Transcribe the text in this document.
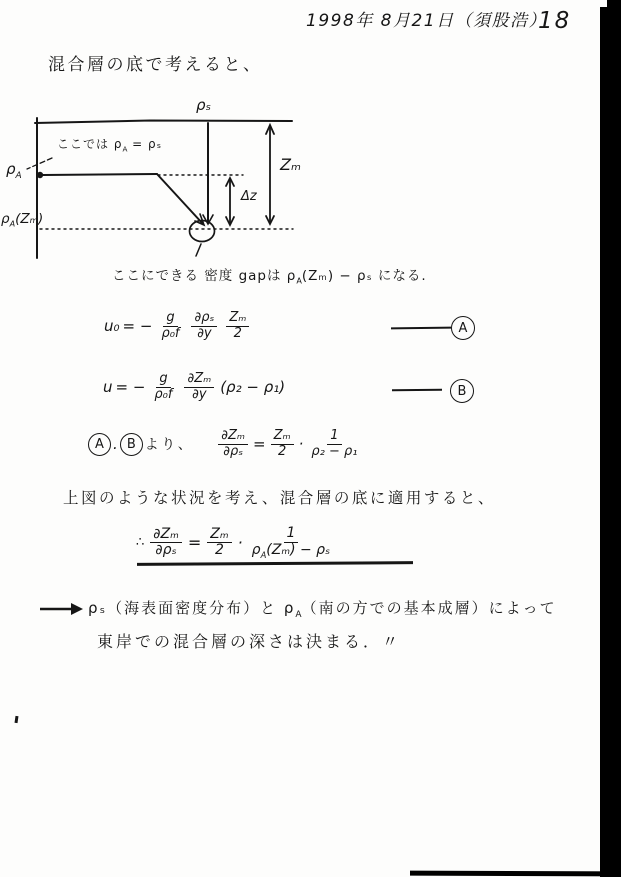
1998年 8月21日（須股浩）
18
混合層の底で考えると、
ρₛ
$\rho_A$
$\rho_A(Z_m)$
Zₘ
Δz
ここでは $\rho_A = \rho_s$
ここにできる 密度 gapは $\rho_A(Z_m) - \rho_s$ になる.
u₀ = − $\frac{g}{\text{ρ₀f}} \frac{\text{∂ρₛ}}{\partial y} \frac{\text{Zₘ}}{2}$	A
u = − $\frac{g}{\text{ρ₀f}} \frac{\text{∂Zₘ}}{\partial y} (\rho_2 - \rho_1)$	B
A . B より、 $\frac{\text{∂Zₘ}}{\text{∂ρₛ}} = \frac{\text{Zₘ}}{2} \cdot \frac{1}{\text{ρ₂ − ρ₁}}$
上図のような状況を考え、混合層の底に適用すると、
∴ $\frac{\text{∂Zₘ}}{\text{∂ρₛ}} = \frac{\text{Zₘ}}{2} \cdot \frac{1}{\rho_A(Z_m) - \rho_s}$
ρₛ（海表面密度分布）と $\rho_A$（南の方での基本成層）によって
東岸での混合層の深さは決まる．〃
